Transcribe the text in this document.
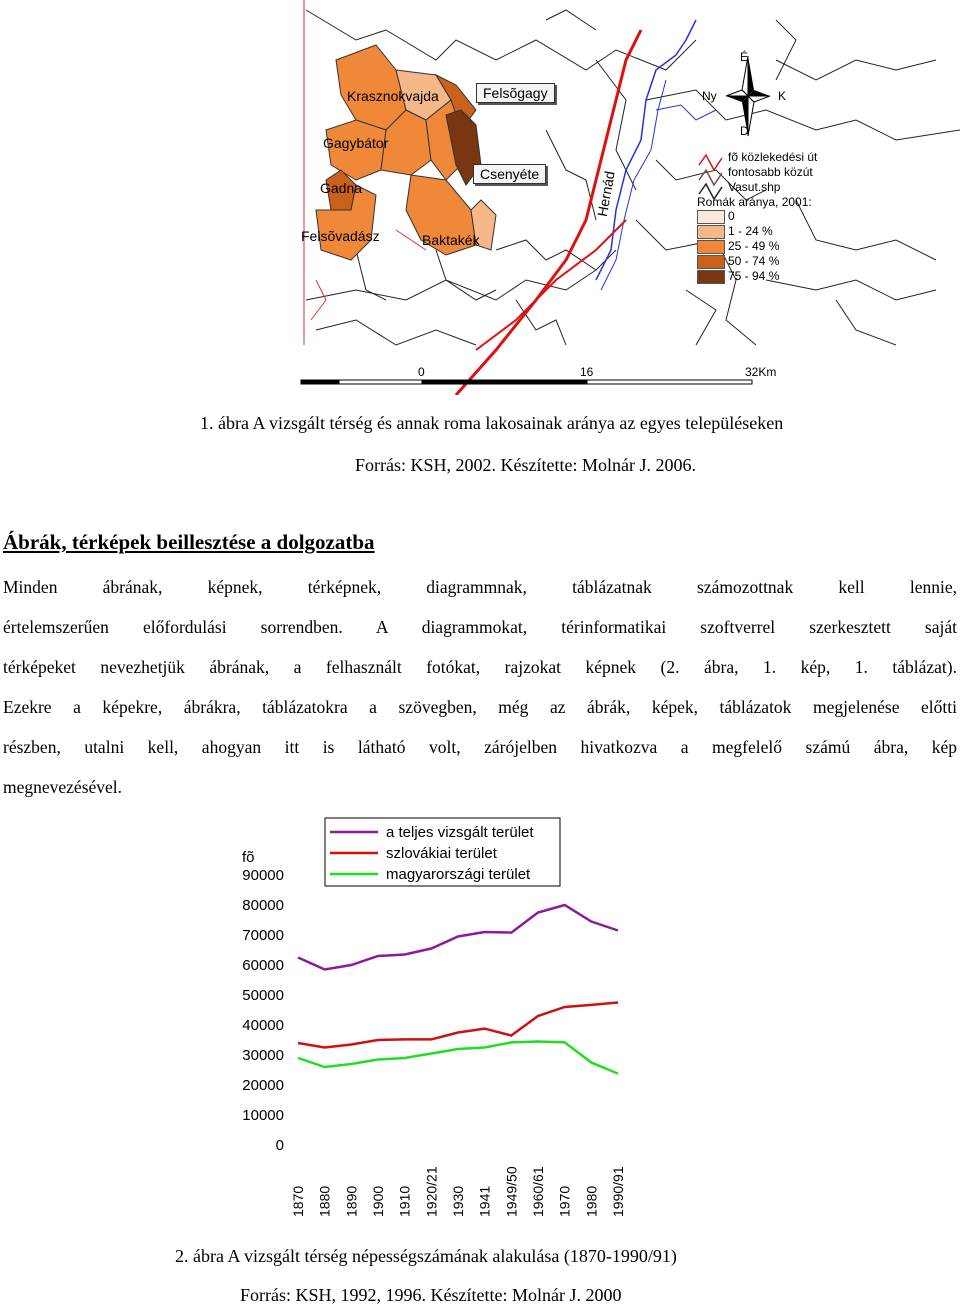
Krasznokvajda	Felsõgagy
Gagybátor
Gadna
Csenyéte
Felsõvadász	Baktakék
Hernád
É
Ny	K
D
fõ közlekedési út
fontosabb közút
Vasut.shp
Romák aránya, 2001:
0
1 - 24 %
25 - 49 %
50 - 74 %
75 - 94 %
0	16	32Km
1. ábra A vizsgált térség és annak roma lakosainak aránya az egyes településeken
Forrás: KSH, 2002. Készítette: Molnár J. 2006.
Ábrák, térképek beillesztése a dolgozatba
Minden ábrának, képnek, térképnek, diagrammnak, táblázatnak számozottnak kell lennie,
értelemszerűen előfordulási sorrendben. A diagrammokat, térinformatikai szoftverrel szerkesztett saját
térképeket nevezhetjük ábrának, a felhasznált fotókat, rajzokat képnek (2. ábra, 1. kép, 1. táblázat).
Ezekre a képekre, ábrákra, táblázatokra a szövegben, még az ábrák, képek, táblázatok megjelenése előtti
részben, utalni kell, ahogyan itt is látható volt, zárójelben hivatkozva a megfelelő számú ábra, kép
megnevezésével.
fõ
90000
80000
70000
60000
50000
40000
30000
20000
10000
0
1870 1880 1890 1900 1910 1920/21 1930 1941 1949/50 1960/61 1970 1980 1990/91
a teljes vizsgált terület
szlovákiai terület
magyarországi terület
2. ábra A vizsgált térség népességszámának alakulása (1870-1990/91)
Forrás: KSH, 1992, 1996. Készítette: Molnár J. 2000
